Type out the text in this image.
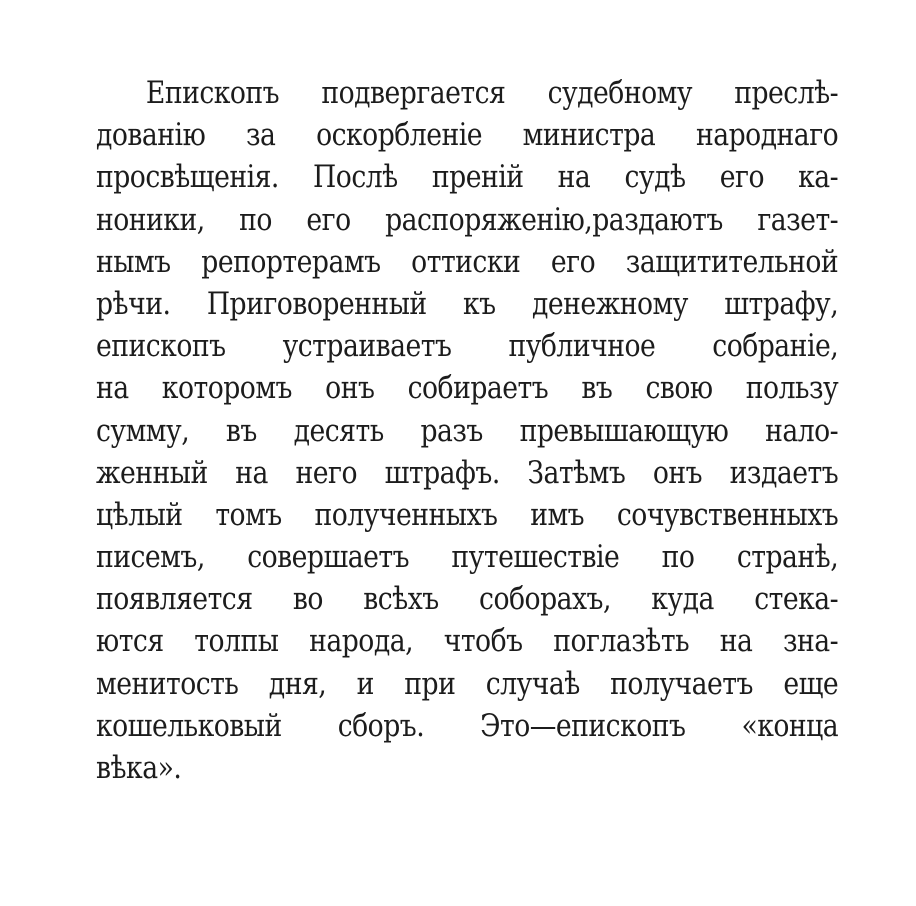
Епископъ подвергается судебному преслѣ-
дованію за оскорбленіе министра народнаго
просвѣщенія. Послѣ преній на судѣ его ка-
ноники, по его распоряженію,раздаютъ газет-
нымъ репортерамъ оттиски его защитительной
рѣчи. Приговоренный къ денежному штрафу,
епископъ устраиваетъ публичное собраніе,
на которомъ онъ собираетъ въ свою пользу
сумму, въ десять разъ превышающую нало-
женный на него штрафъ. Затѣмъ онъ издаетъ
цѣлый томъ полученныхъ имъ сочувственныхъ
писемъ, совершаетъ путешествіе по странѣ,
появляется во всѣхъ соборахъ, куда стека-
ются толпы народа, чтобъ поглазѣть на зна-
менитость дня, и при случаѣ получаетъ еще
кошельковый сборъ. Это—епископъ «конца
вѣка».
